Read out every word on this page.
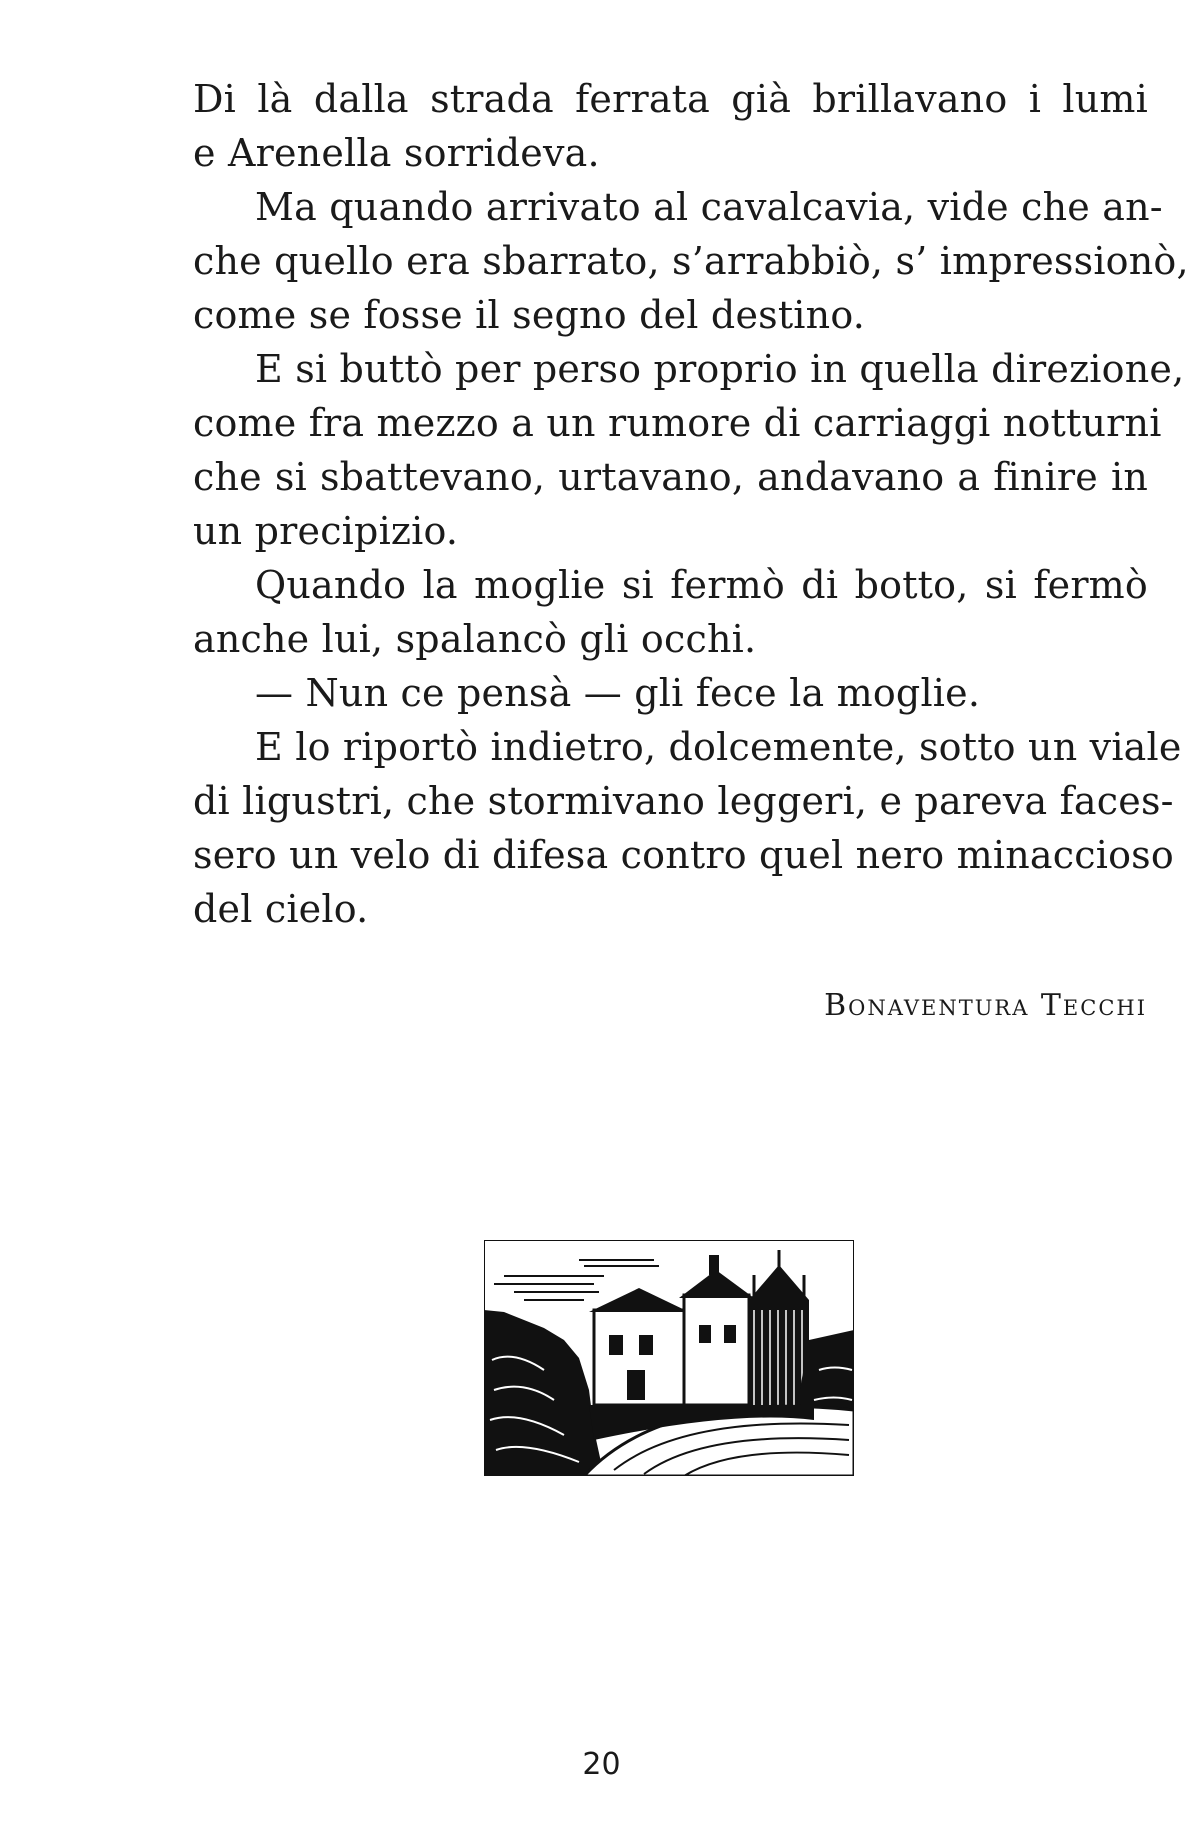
Di là dalla strada ferrata già brillavano i lumi
e Arenella sorrideva.
Ma quando arrivato al cavalcavia, vide che an-
che quello era sbarrato, s’arrabbiò, s’ impressionò,
come se fosse il segno del destino.
E si buttò per perso proprio in quella direzione,
come fra mezzo a un rumore di carriaggi notturni
che si sbattevano, urtavano, andavano a finire in
un precipizio.
Quando la moglie si fermò di botto, si fermò
anche lui, spalancò gli occhi.
— Nun ce pensà — gli fece la moglie.
E lo riportò indietro, dolcemente, sotto un viale
di ligustri, che stormivano leggeri, e pareva faces-
sero un velo di difesa contro quel nero minaccioso
del cielo.
Bonaventura Tecchi
20
